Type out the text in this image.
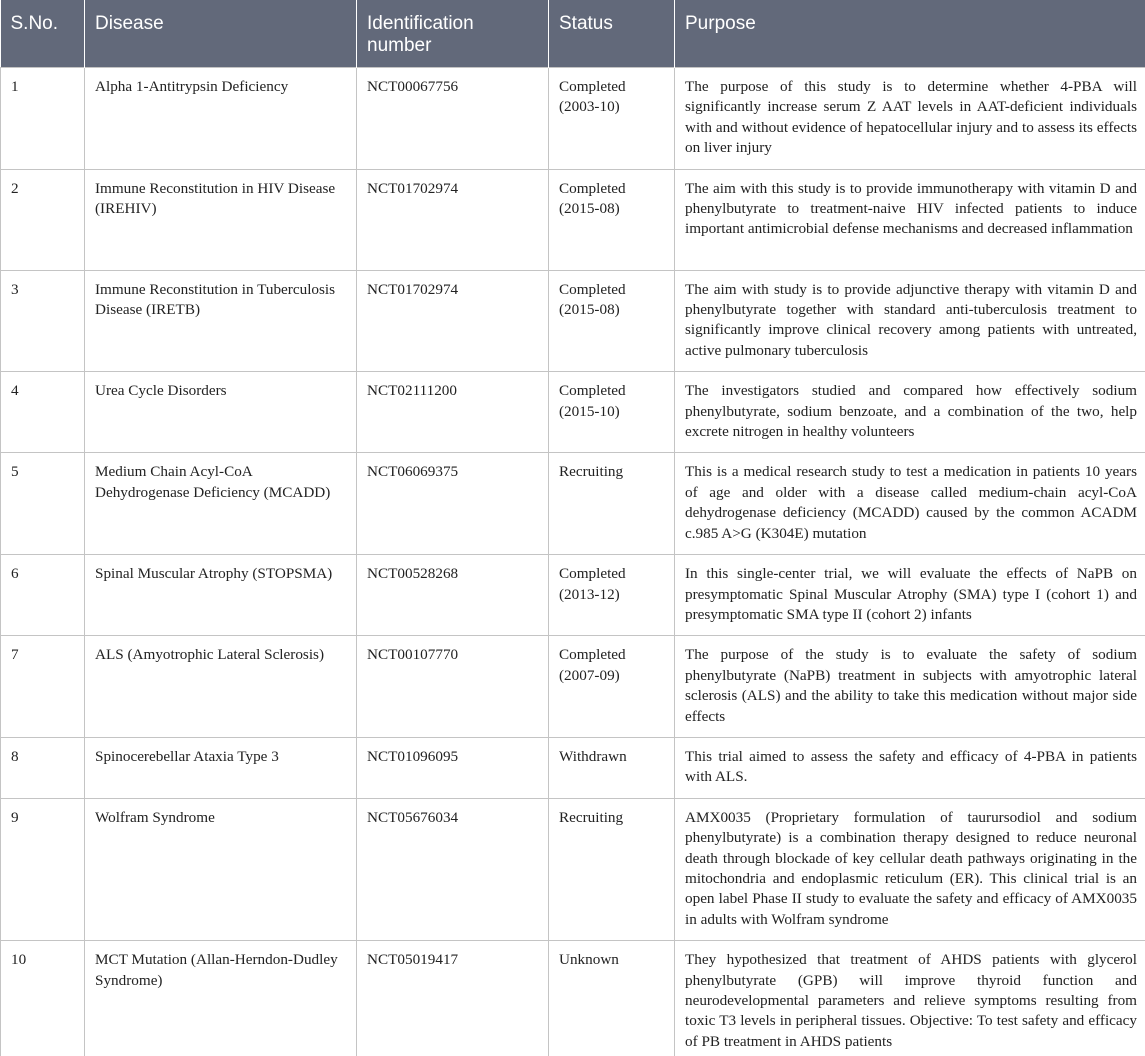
S.No.	Disease	Identification number	Status	Purpose
1	Alpha 1-Antitrypsin Deficiency	NCT00067756	Completed (2003-10)	The purpose of this study is to determine whether 4-PBA will significantly increase serum Z AAT levels in AAT-deficient individuals with and without evidence of hepatocellular injury and to assess its effects on liver injury
2	Immune Reconstitution in HIV Disease (IREHIV)	NCT01702974	Completed (2015-08)	The aim with this study is to provide immunotherapy with vitamin D and phenylbutyrate to treatment-naive HIV infected patients to induce important antimicrobial defense mechanisms and decreased inflammation
3	Immune Reconstitution in Tuberculosis Disease (IRETB)	NCT01702974	Completed (2015-08)	The aim with study is to provide adjunctive therapy with vitamin D and phenylbutyrate together with standard anti-tuberculosis treatment to significantly improve clinical recovery among patients with untreated, active pulmonary tuberculosis
4	Urea Cycle Disorders	NCT02111200	Completed (2015-10)	The investigators studied and compared how effectively sodium phenylbutyrate, sodium benzoate, and a combination of the two, help excrete nitrogen in healthy volunteers
5	Medium Chain Acyl-CoA Dehydrogenase Deficiency (MCADD)	NCT06069375	Recruiting	This is a medical research study to test a medication in patients 10 years of age and older with a disease called medium-chain acyl-CoA dehydrogenase deficiency (MCADD) caused by the common ACADM c.985 A>G (K304E) mutation
6	Spinal Muscular Atrophy (STOPSMA)	NCT00528268	Completed (2013-12)	In this single-center trial, we will evaluate the effects of NaPB on presymptomatic Spinal Muscular Atrophy (SMA) type I (cohort 1) and presymptomatic SMA type II (cohort 2) infants
7	ALS (Amyotrophic Lateral Sclerosis)	NCT00107770	Completed (2007-09)	The purpose of the study is to evaluate the safety of sodium phenylbutyrate (NaPB) treatment in subjects with amyotrophic lateral sclerosis (ALS) and the ability to take this medication without major side effects
8	Spinocerebellar Ataxia Type 3	NCT01096095	Withdrawn	This trial aimed to assess the safety and efficacy of 4-PBA in patients with ALS.
9	Wolfram Syndrome	NCT05676034	Recruiting	AMX0035 (Proprietary formulation of taurursodiol and sodium phenylbutyrate) is a combination therapy designed to reduce neuronal death through blockade of key cellular death pathways originating in the mitochondria and endoplasmic reticulum (ER). This clinical trial is an open label Phase II study to evaluate the safety and efficacy of AMX0035 in adults with Wolfram syndrome
10	MCT Mutation (Allan-Herndon-Dudley Syndrome)	NCT05019417	Unknown	They hypothesized that treatment of AHDS patients with glycerol phenylbutyrate (GPB) will improve thyroid function and neurodevelopmental parameters and relieve symptoms resulting from toxic T3 levels in peripheral tissues. Objective: To test safety and efficacy of PB treatment in AHDS patients
